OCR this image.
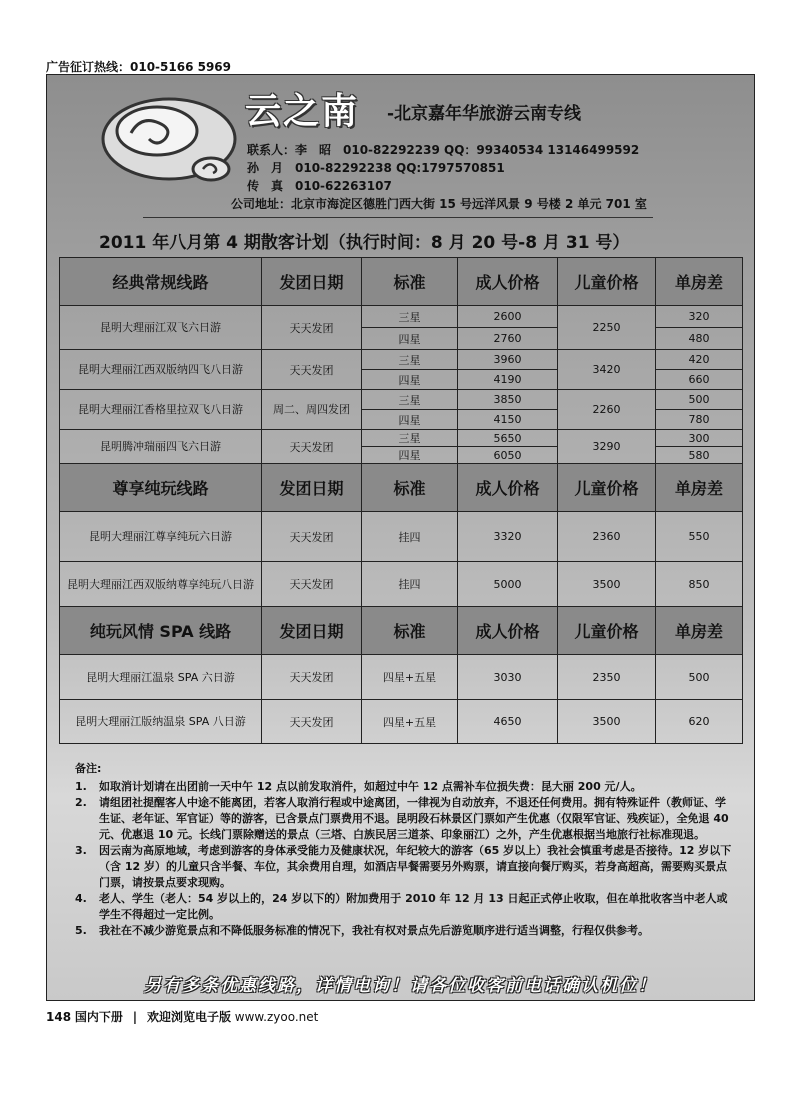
广告征订热线：010-5166 5969
云之南 -北京嘉年华旅游云南专线
联系人：李　昭　010-82292239 QQ：99340534 13146499592
孙　月　010-82292238 QQ:1797570851
传　真　010-62263107
公司地址：北京市海淀区德胜门西大街 15 号远洋风景 9 号楼 2 单元 701 室
2011 年八月第 4 期散客计划（执行时间：8 月 20 号-8 月 31 号）
经典常规线路	发团日期	标准	成人价格	儿童价格	单房差
昆明大理丽江双飞六日游	天天发团	三星	2600	2250	320
		四星	2760		480
昆明大理丽江西双版纳四飞八日游	天天发团	三星	3960	3420	420
		四星	4190		660
昆明大理丽江香格里拉双飞八日游	周二、周四发团	三星	3850	2260	500
		四星	4150		780
昆明腾冲瑞丽四飞六日游	天天发团	三星	5650	3290	300
		四星	6050		580
尊享纯玩线路	发团日期	标准	成人价格	儿童价格	单房差
昆明大理丽江尊享纯玩六日游	天天发团	挂四	3320	2360	550
昆明大理丽江西双版纳尊享纯玩八日游	天天发团	挂四	5000	3500	850
纯玩风情 SPA 线路	发团日期	标准	成人价格	儿童价格	单房差
昆明大理丽江温泉 SPA 六日游	天天发团	四星+五星	3030	2350	500
昆明大理丽江版纳温泉 SPA 八日游	天天发团	四星+五星	4650	3500	620
备注:
1.	如取消计划请在出团前一天中午 12 点以前发取消件，如超过中午 12 点需补车位损失费：昆大丽 200 元/人。
2.	请组团社提醒客人中途不能离团，若客人取消行程或中途离团，一律视为自动放弃，不退还任何费用。拥有特殊证件（教师证、学生证、老年证、军官证）等的游客，已含景点门票费用不退。昆明段石林景区门票如产生优惠（仅限军官证、残疾证），全免退 40 元、优惠退 10 元。长线门票除赠送的景点（三塔、白族民居三道茶、印象丽江）之外，产生优惠根据当地旅行社标准现退。
3.	因云南为高原地域，考虑到游客的身体承受能力及健康状况，年纪较大的游客（65 岁以上）我社会慎重考虑是否接待。12 岁以下（含 12 岁）的儿童只含半餐、车位，其余费用自理，如酒店早餐需要另外购票，请直接向餐厅购买，若身高超高，需要购买景点门票，请按景点要求现购。
4.	老人、学生（老人：54 岁以上的，24 岁以下的）附加费用于 2010 年 12 月 13 日起正式停止收取，但在单批收客当中老人或学生不得超过一定比例。
5.	我社在不减少游览景点和不降低服务标准的情况下，我社有权对景点先后游览顺序进行适当调整，行程仅供参考。
另有多条优惠线路，详情电询！请各位收客前电话确认机位！
148 国内下册 | 欢迎浏览电子版 www.zyoo.net
